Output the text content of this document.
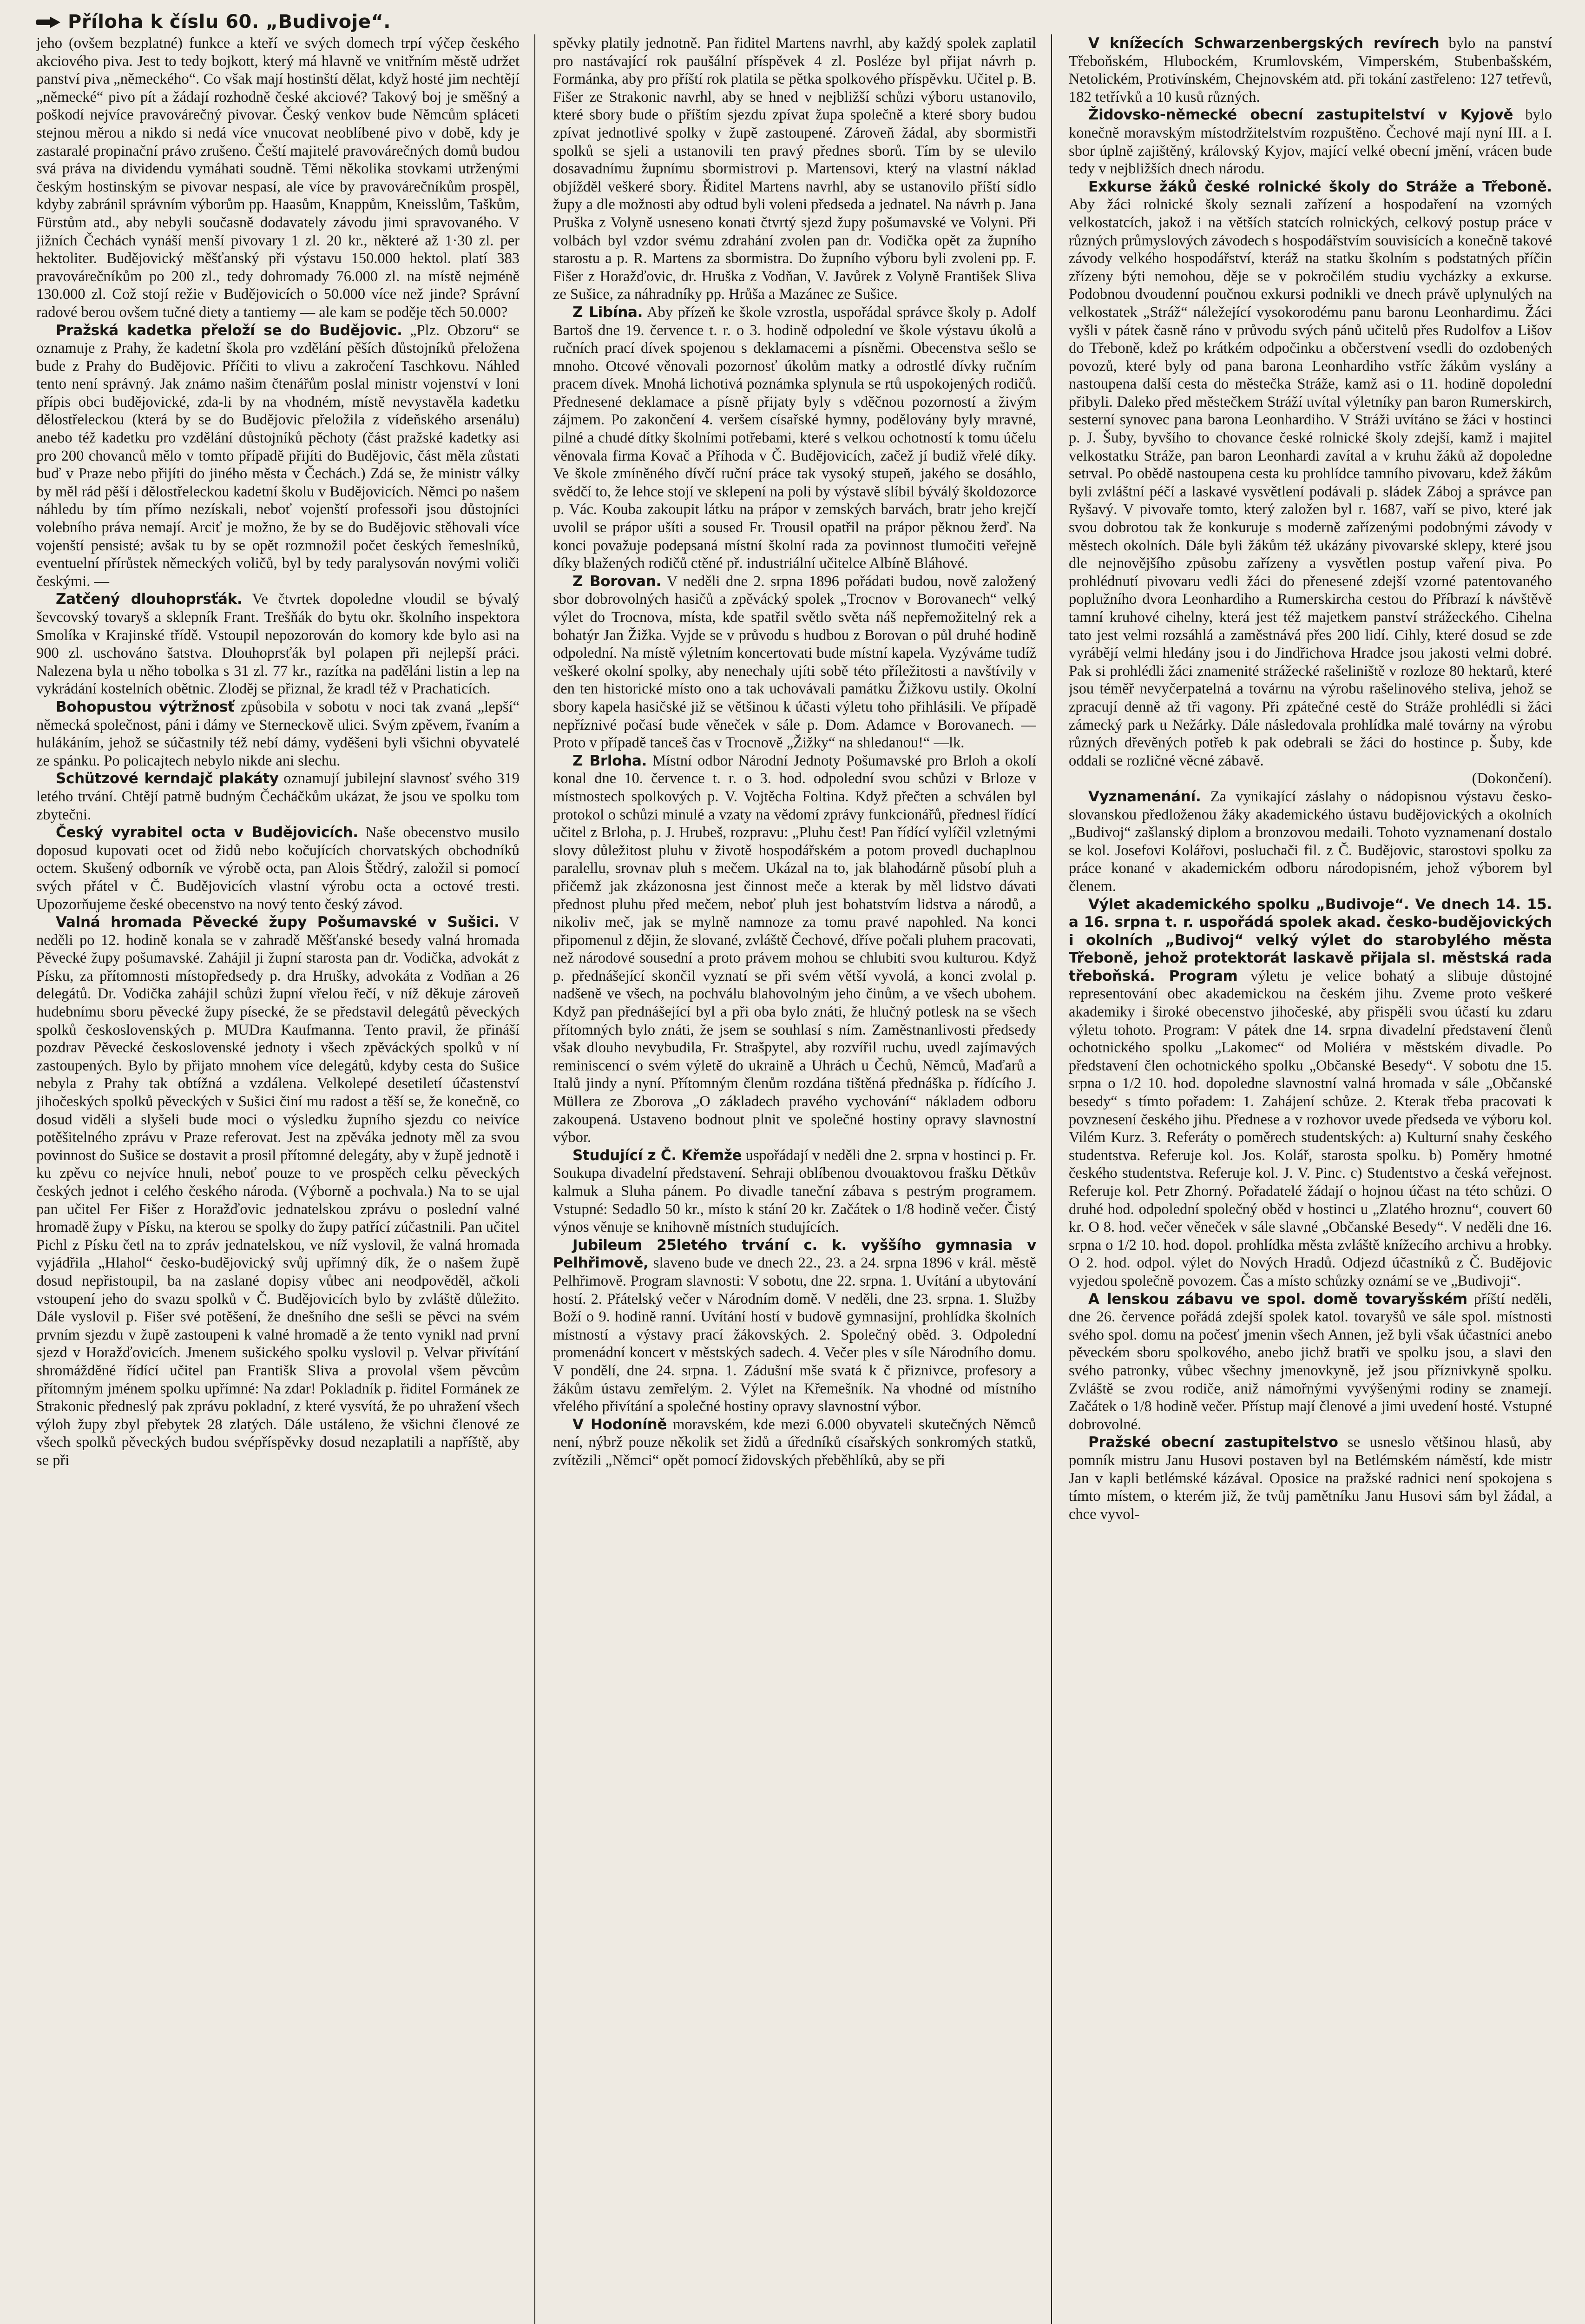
Příloha k číslu 60. „Budivoje“.

jeho (ovšem bezplatné) funkce a kteří ve svých domech trpí výčep českého akciového piva. Jest to tedy bojkott, který má hlavně ve vnitřním městě udržet panství piva „německého“. Co však mají hostinští dělat, když hosté jim nechtějí „německé“ pivo pít a žádají rozhodně české akciové? Takový boj je směšný a poškodí nejvíce pravovárečný pivovar. Český venkov bude Němcům spláceti stejnou měrou a nikdo si nedá více vnucovat neoblíbené pivo v době, kdy je zastaralé propinační právo zrušeno. Čeští majitelé pravovárečných domů budou svá práva na dividendu vymáhati soudně. Těmi několika stovkami utrženými českým hostinským se pivovar nespasí, ale více by pravovárečníkům prospěl, kdyby zabránil správním výborům pp. Haasům, Knappům, Kneisslům, Taškům, Fürstům atd., aby nebyli současně dodavately závodu jimi spravovaného. V jižních Čechách vynáší menší pivovary 1 zl. 20 kr., některé až 1·30 zl. per hektoliter. Budějovický měšťanský při výstavu 150.000 hektol. platí 383 pravovárečníkům po 200 zl., tedy dohromady 76.000 zl. na místě nejméně 130.000 zl. Což stojí režie v Budějovicích o 50.000 více než jinde? Správní radové berou ovšem tučné diety a tantiemy — ale kam se poděje těch 50.000?

Pražská kadetka přeloží se do Budějovic. „Plz. Obzoru“ se oznamuje z Prahy, že kadetní škola pro vzdělání pěších důstojníků přeložena bude z Prahy do Budějovic. Příčiti to vlivu a zakročení Taschkovu. Náhled tento není správný. Jak známo našim čtenářům poslal ministr vojenství v loni přípis obci budějovické, zda-li by na vhodném, místě nevystavěla kadetku dělostřeleckou (která by se do Budějovic přeložila z vídeňského arsenálu) anebo též kadetku pro vzdělání důstojníků pěchoty (část pražské kadetky asi pro 200 chovanců mělo v tomto případě přijíti do Budějovic, část měla zůstati buď v Praze nebo přijíti do jiného města v Čechách.) Zdá se, že ministr války by měl rád pěší i dělostřeleckou kadetní školu v Budějovicích. Němci po našem náhledu by tím přímo nezískali, neboť vojenští professoři jsou důstojníci volebního práva nemají. Arciť je možno, že by se do Budějovic stěhovali více vojenští pensisté; avšak tu by se opět rozmnožil počet českých řemeslníků, eventuelní přírůstek německých voličů, byl by tedy paralysován novými voliči českými. —

Zatčený dlouhoprsťák. Ve čtvrtek dopoledne vloudil se bývalý ševcovský tovaryš a sklepník Frant. Trešňák do bytu okr. školního inspektora Smolíka v Krajinské třídě. Vstoupil nepozorován do komory kde bylo asi na 900 zl. uschováno šatstva. Dlouhoprsťák byl polapen při nejlepší práci. Nalezena byla u něho tobolka s 31 zl. 77 kr., razítka na paděláni listin a lep na vykrádání kostelních obětnic. Zloděj se přiznal, že kradl též v Prachaticích.

Bohopustou výtržnosť způsobila v sobotu v noci tak zvaná „lepší“ německá společnost, páni i dámy ve Sterneckově ulici. Svým zpěvem, řvaním a hulákáním, jehož se súčastnily též nebí dámy, vyděšeni byli všichni obyvatelé ze spánku. Po policajtech nebylo nikde ani slechu.

Schützové kerndajč plakáty oznamují jubilejní slavnosť svého 319 letého trvání. Chtějí patrně budným Čecháčkům ukázat, že jsou ve spolku tom zbytečni.

Český vyrabitel octa v Budějovicích. Naše obecenstvo musilo doposud kupovati ocet od židů nebo kočujících chorvatských obchodníků octem. Skušený odborník ve výrobě octa, pan Alois Štědrý, založil si pomocí svých přátel v Č. Budějovicích vlastní výrobu octa a octové tresti. Upozorňujeme české obecenstvo na nový tento český závod.

Valná hromada Pěvecké župy Pošumavské v Sušici. V neděli po 12. hodině konala se v zahradě Měšťanské besedy valná hromada Pěvecké župy pošumavské. Zahájil ji župní starosta pan dr. Vodička, advokát z Písku, za přítomnosti místopředsedy p. dra Hrušky, advokáta z Vodňan a 26 delegátů. Dr. Vodička zahájil schůzi župní vřelou řečí, v níž děkuje zároveň hudebnímu sboru pěvecké župy písecké, že se představil delegátů pěveckých spolků československých p. MUDra Kaufmanna. Tento pravil, že přináší pozdrav Pěvecké československé jednoty i všech zpěváckých spolků v ní zastoupených. Bylo by přijato mnohem více delegátů, kdyby cesta do Sušice nebyla z Prahy tak obtížná a vzdálena. Velkolepé desetiletí účastenství jihočeských spolků pěveckých v Sušici činí mu radost a těší se, že konečně, co dosud viděli a slyšeli bude moci o výsledku župního sjezdu co neivíce potěšitelného zprávu v Praze referovat. Jest na zpěváka jednoty měl za svou povinnost do Sušice se dostavit a prosil přítomné delegáty, aby v župě jednotě i ku zpěvu co nejvíce hnuli, neboť pouze to ve prospěch celku pěveckých českých jednot i celého českého národa. (Výborně a pochvala.) Na to se ujal pan učitel Fer Fišer z Horažďovic jednatelskou zprávu o poslední valné hromadě župy v Písku, na kterou se spolky do župy patřící zúčastnili. Pan učitel Pichl z Písku četl na to zpráv jednatelskou, ve níž vyslovil, že valná hromada vyjádřila „Hlahol“ česko-budějovický svůj upřímný dík, že o našem župě dosud nepřistoupil, ba na zaslané dopisy vůbec ani neodpověděl, ačkoli vstoupení jeho do svazu spolků v Č. Budějovicích bylo by zvláště důležito. Dále vyslovil p. Fišer své potěšení, že dnešního dne sešli se pěvci na svém prvním sjezdu v župě zastoupeni k valné hromadě a že tento vynikl nad první sjezd v Horažďovicích. Jmenem sušického spolku vyslovil p. Velvar přivítání shromážděné řídící učitel pan Františk Sliva a provolal všem pěvcům přítomným jménem spolku upřímné: Na zdar! Pokladník p. řiditel Formánek ze Strakonic předneslý pak zprávu pokladní, z které vysvítá, že po uhražení všech výloh župy zbyl přebytek 28 zlatých. Dále ustáleno, že všichni členové ze všech spolků pěveckých budou svépříspěvky dosud nezaplatili a napříště, aby se při

spěvky platily jednotně. Pan řiditel Martens navrhl, aby každý spolek zaplatil pro nastávající rok paušální příspěvek 4 zl. Posléze byl přijat návrh p. Formánka, aby pro příští rok platila se pětka spolkového příspěvku. Učitel p. B. Fišer ze Strakonic navrhl, aby se hned v nejbližší schůzi výboru ustanovilo, které sbory bude o příštím sjezdu zpívat župa společně a které sbory budou zpívat jednotlivé spolky v župě zastoupené. Zároveň žádal, aby sbormistři spolků se sjeli a ustanovili ten pravý přednes sborů. Tím by se ulevilo dosavadnímu župnímu sbormistrovi p. Martensovi, který na vlastní náklad objížděl veškeré sbory. Řiditel Martens navrhl, aby se ustanovilo příští sídlo župy a dle možnosti aby odtud byli voleni předseda a jednatel. Na návrh p. Jana Pruška z Volyně usneseno konati čtvrtý sjezd župy pošumavské ve Volyni. Při volbách byl vzdor svému zdrahání zvolen pan dr. Vodička opět za župního starostu a p. R. Martens za sbormistra. Do župního výboru byli zvoleni pp. F. Fišer z Horažďovic, dr. Hruška z Vodňan, V. Javůrek z Volyně František Sliva ze Sušice, za náhradníky pp. Hrůša a Mazánec ze Sušice.

Z Libína. Aby přízeň ke škole vzrostla, uspořádal správce školy p. Adolf Bartoš dne 19. července t. r. o 3. hodině odpolední ve škole výstavu úkolů a ručních prací dívek spojenou s deklamacemi a písněmi. Obecenstva sešlo se mnoho. Otcové věnovali pozornosť úkolům matky a odrostlé dívky ručním pracem dívek. Mnohá lichotivá poznámka splynula se rtů uspokojených rodičů. Přednesené deklamace a písně přijaty byly s vděčnou pozorností a živým zájmem. Po zakončení 4. veršem císařské hymny, podělovány byly mravné, pilné a chudé dítky školními potřebami, které s velkou ochotností k tomu účelu věnovala firma Kovač a Příhoda v Č. Budějovicích, začež jí budiž vřelé díky. Ve škole zmíněného dívčí ruční práce tak vysoký stupeň, jakého se dosáhlo, svědčí to, že lehce stojí ve sklepení na poli by výstavě slíbil býválý školdozorce p. Vác. Kouba zakoupit látku na prápor v zemských barvách, bratr jeho krejčí uvolil se prápor ušíti a soused Fr. Trousil opatřil na prápor pěknou žerď. Na konci považuje podepsaná místní školní rada za povinnost tlumočiti veřejně díky blažených rodičů ctěné př. industriální učitelce Albíně Bláhové.

Z Borovan. V neděli dne 2. srpna 1896 pořádati budou, nově založený sbor dobrovolných hasičů a zpěvácký spolek „Trocnov v Borovanech“ velký výlet do Trocnova, místa, kde spatřil světlo světa náš nepřemožitelný rek a bohatýr Jan Žižka. Vyjde se v průvodu s hudbou z Borovan o půl druhé hodině odpolední. Na místě výletním koncertovati bude místní kapela. Vyzýváme tudíž veškeré okolní spolky, aby nenechaly ujíti sobě této příležitosti a navštívily v den ten historické místo ono a tak uchovávali památku Žižkovu ustily. Okolní sbory kapela hasičské již se většinou k účasti výletu toho přihlásili. Ve případě nepříznivé počasí bude věneček v sále p. Dom. Adamce v Borovanech. — Proto v případě tanceš čas v Trocnově „Žižky“ na shledanou!“ —lk.

Z Brloha. Místní odbor Národní Jednoty Pošumavské pro Brloh a okolí konal dne 10. července t. r. o 3. hod. odpolední svou schůzi v Brloze v místnostech spolkových p. V. Vojtěcha Foltina. Když přečten a schválen byl protokol o schůzi minulé a vzaty na vědomí zprávy funkcionářů, přednesl řídící učitel z Brloha, p. J. Hrubeš, rozpravu: „Pluhu čest! Pan řídící vylíčil vzletnými slovy důležitost pluhu v životě hospodářském a potom provedl duchaplnou paralellu, srovnav pluh s mečem. Ukázal na to, jak blahodárně působí pluh a přičemž jak zkázonosna jest činnost meče a kterak by měl lidstvo dávati přednost pluhu před mečem, neboť pluh jest bohatstvím lidstva a národů, a nikoliv meč, jak se mylně namnoze za tomu pravé napohled. Na konci připomenul z dějin, že slované, zvláště Čechové, dříve počali pluhem pracovati, než národové sousední a proto právem mohou se chlubiti svou kulturou. Když p. přednášející skončil vyznatí se při svém větší vyvolá, a konci zvolal p. nadšeně ve všech, na pochválu blahovolným jeho činům, a ve všech ubohem. Když pan přednášející byl a při oba bylo znáti, že hlučný potlesk na se všech přítomných bylo znáti, že jsem se souhlasí s ním. Zaměstnanlivosti předsedy však dlouho nevybudila, Fr. Strašpytel, aby rozvířil ruchu, uvedl zajímavých reminiscencí o svém výletě do ukraině a Uhrách u Čechů, Němců, Maďarů a Italů jindy a nyní. Přítomným členům rozdána tištěná přednáška p. řídícího J. Müllera ze Zborova „O základech pravého vychování“ nákladem odboru zakoupená. Ustaveno bodnout plnit ve společné hostiny opravy slavnostní výbor.

Studující z Č. Křemže uspořádají v neděli dne 2. srpna v hostinci p. Fr. Soukupa divadelní představení. Sehraji oblíbenou dvouaktovou frašku Dětkův kalmuk a Sluha pánem. Po divadle taneční zábava s pestrým programem. Vstupné: Sedadlo 50 kr., místo k stání 20 kr. Začátek o 1/8 hodině večer. Čistý výnos věnuje se knihovně místních studujících.

Jubileum 25letého trvání c. k. vyššího gymnasia v Pelhřimově, slaveno bude ve dnech 22., 23. a 24. srpna 1896 v král. městě Pelhřimově. Program slavnosti: V sobotu, dne 22. srpna. 1. Uvítání a ubytování hostí. 2. Přátelský večer v Národním domě. V neděli, dne 23. srpna. 1. Služby Boží o 9. hodině ranní. Uvítání hostí v budově gymnasijní, prohlídka školních místností a výstavy prací žákovských. 2. Společný oběd. 3. Odpolední promenádní koncert v městských sadech. 4. Večer ples v síle Národního domu. V pondělí, dne 24. srpna. 1. Zádušní mše svatá k č přiznivce, profesory a žákům ústavu zemřelým. 2. Výlet na Křemešník. Na vhodné od místního vřelého přivítání a společné hostiny opravy slavnostní výbor.

V Hodoníně moravském, kde mezi 6.000 obyvateli skutečných Němců není, nýbrž pouze několik set židů a úředníků císařských sonkromých statků, zvítězili „Němci“ opět pomocí židovských přeběhlíků, aby se při

V knížecích Schwarzenbergských revírech bylo na panství Třeboňském, Hlubockém, Krumlovském, Vimperském, Stubenbašském, Netolickém, Protivínském, Chejnovském atd. při tokání zastřeleno: 127 tetřevů, 182 tetřívků a 10 kusů různých.

Židovsko-německé obecní zastupitelství v Kyjově bylo konečně moravským místodržitelstvím rozpuštěno. Čechové mají nyní III. a I. sbor úplně zajištěný, královský Kyjov, mající velké obecní jmění, vrácen bude tedy v nejbližších dnech národu.

Exkurse žáků české rolnické školy do Stráže a Třeboně. Aby žáci rolnické školy seznali zařízení a hospodaření na vzorných velkostatcích, jakož i na větších statcích rolnických, celkový postup práce v různých průmyslových závodech s hospodářstvím souvisících a konečně takové závody velkého hospodářství, kteráž na statku školním s podstatných příčin zřízeny býti nemohou, děje se v pokročilém studiu vycházky a exkurse. Podobnou dvoudenní poučnou exkursi podnikli ve dnech právě uplynulých na velkostatek „Stráž“ náležející vysokorodému panu baronu Leonhardimu. Žáci vyšli v pátek časně ráno v průvodu svých pánů učitelů přes Rudolfov a Lišov do Třeboně, kdež po krátkém odpočinku a občerstvení vsedli do ozdobených povozů, které byly od pana barona Leonhardiho vstříc žákům vyslány a nastoupena další cesta do městečka Stráže, kamž asi o 11. hodině dopolední přibyli. Daleko před městečkem Stráží uvítal výletníky pan baron Rumerskirch, sesterní synovec pana barona Leonhardiho. V Stráži uvítáno se žáci v hostinci p. J. Šuby, byvšího to chovance české rolnické školy zdejší, kamž i majitel velkostatku Stráže, pan baron Leonhardi zavítal a v kruhu žáků až dopoledne setrval. Po obědě nastoupena cesta ku prohlídce tamního pivovaru, kdež žákům byli zvláštní péčí a laskavé vysvětlení podávali p. sládek Záboj a správce pan Ryšavý. V pivovaře tomto, který založen byl r. 1687, vaří se pivo, které jak svou dobrotou tak že konkuruje s moderně zařízenými podobnými závody v městech okolních. Dále byli žákům též ukázány pivovarské sklepy, které jsou dle nejnovějšího způsobu zařízeny a vysvětlen postup vaření piva. Po prohlédnutí pivovaru vedli žáci do přenesené zdejší vzorné patentovaného poplužního dvora Leonhardiho a Rumerskircha cestou do Příbrazí k návštěvě tamní kruhové cihelny, která jest též majetkem panství strážeckého. Cihelna tato jest velmi rozsáhlá a zaměstnává přes 200 lidí. Cihly, které dosud se zde vyrábějí velmi hledány jsou i do Jindřichova Hradce jsou jakosti velmi dobré. Pak si prohlédli žáci znamenité strážecké rašeliniště v rozloze 80 hektarů, které jsou téměř nevyčerpatelná a továrnu na výrobu rašelinového steliva, jehož se zpracují denně až tři vagony. Při zpátečné cestě do Stráže prohlédli si žáci zámecký park u Nežárky. Dále následovala prohlídka malé továrny na výrobu různých dřevěných potřeb k pak odebrali se žáci do hostince p. Šuby, kde oddali se rozličné věcné zábavě.

(Dokončení).

Vyznamenání. Za vynikající záslahy o nádopisnou výstavu česko-slovanskou předloženou žáky akademického ústavu budějovických a okolních „Budivoj“ zašlanský diplom a bronzovou medaili. Tohoto vyznamenaní dostalo se kol. Josefovi Kolářovi, posluchači fil. z Č. Budějovic, starostovi spolku za práce konané v akademickém odboru národopisném, jehož výborem byl členem.

Výlet akademického spolku „Budivoje“. Ve dnech 14. 15. a 16. srpna t. r. uspořádá spolek akad. česko-budějovických i okolních „Budivoj“ velký výlet do starobylého města Třeboně, jehož protektorát laskavě přijala sl. městská rada třeboňská. Program výletu je velice bohatý a slibuje důstojné representování obec akademickou na českém jihu. Zveme proto veškeré akademiky i široké obecenstvo jihočeské, aby přispěli svou účastí ku zdaru výletu tohoto. Program: V pátek dne 14. srpna divadelní představení členů ochotnického spolku „Lakomec“ od Moliéra v městském divadle. Po představení člen ochotnického spolku „Občanské Besedy“. V sobotu dne 15. srpna o 1/2 10. hod. dopoledne slavnostní valná hromada v sále „Občanské besedy“ s tímto pořadem: 1. Zahájení schůze. 2. Kterak třeba pracovati k povznesení českého jihu. Přednese a v rozhovor uvede předseda ve výboru kol. Vilém Kurz. 3. Referáty o poměrech studentských: a) Kulturní snahy českého studentstva. Referuje kol. Jos. Kolář, starosta spolku. b) Poměry hmotné českého studentstva. Referuje kol. J. V. Pinc. c) Studentstvo a česká veřejnost. Referuje kol. Petr Zhorný. Pořadatelé žádají o hojnou účast na této schůzi. O druhé hod. odpolední společný oběd v hostinci u „Zlatého hroznu“, couvert 60 kr. O 8. hod. večer věneček v sále slavné „Občanské Besedy“. V neděli dne 16. srpna o 1/2 10. hod. dopol. prohlídka města zvláště knížecího archivu a hrobky. O 2. hod. odpol. výlet do Nových Hradů. Odjezd účastníků z Č. Budějovic vyjedou společně povozem. Čas a místo schůzky oznámí se ve „Budivoji“.

A lenskou zábavu ve spol. domě tovaryšském příští neděli, dne 26. července pořádá zdejší spolek katol. tovaryšů ve sále spol. místnosti svého spol. domu na počesť jmenin všech Annen, jež byli však účastníci anebo pěveckém sboru spolkového, anebo jichž bratři ve spolku jsou, a slavi den svého patronky, vůbec všechny jmenovkyně, jež jsou příznivkyně spolku. Zvláště se zvou rodiče, aniž námořnými vyvýšenými rodiny se znamejí. Začátek o 1/8 hodině večer. Přístup mají členové a jimi uvedení hosté. Vstupné dobrovolné.

Pražské obecní zastupitelstvo se usneslo většinou hlasů, aby pomník mistru Janu Husovi postaven byl na Betlémském náměstí, kde mistr Jan v kapli betlémské kázával. Oposice na pražské radnici není spokojena s tímto místem, o kterém již, že tvůj pamětníku Janu Husovi sám byl žádal, a chce vyvol-
